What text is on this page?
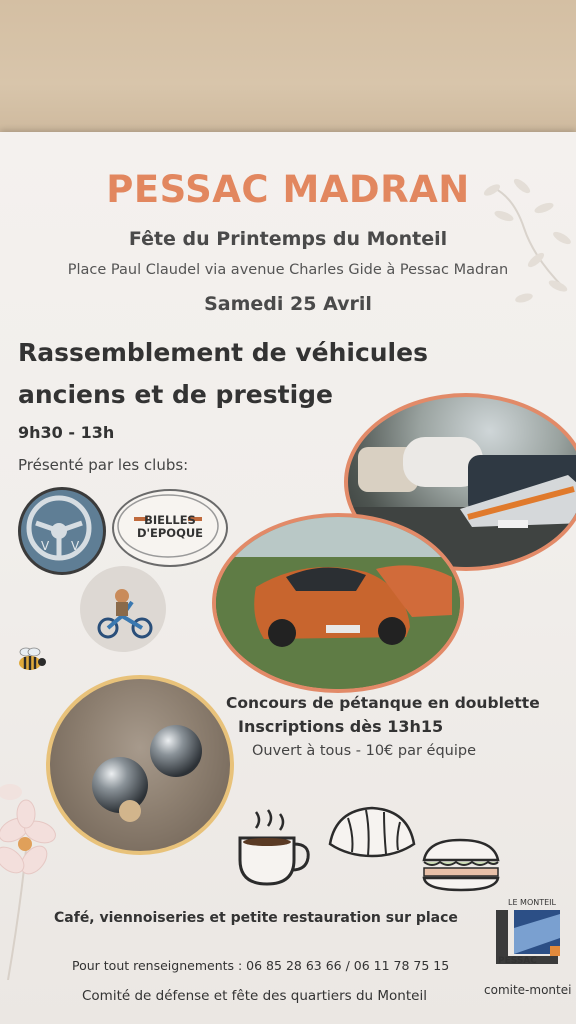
PESSAC MADRAN
Fête du Printemps du Monteil
Place Paul Claudel via avenue Charles Gide à Pessac Madran
Samedi 25 Avril
Rassemblement de véhicules
anciens et de prestige
9h30 - 13h
Présenté par les clubs:
V V
BIELLES D'EPOQUE
Concours de pétanque en doublette
Inscriptions dès 13h15
Ouvert à tous - 10€ par équipe
Café, viennoiseries et petite restauration sur place
LE MONTEIL
PESSAC
Pour tout renseignements : 06 85 28 63 66 / 06 11 78 75 15
Comité de défense et fête des quartiers du Monteil	comite-montei
